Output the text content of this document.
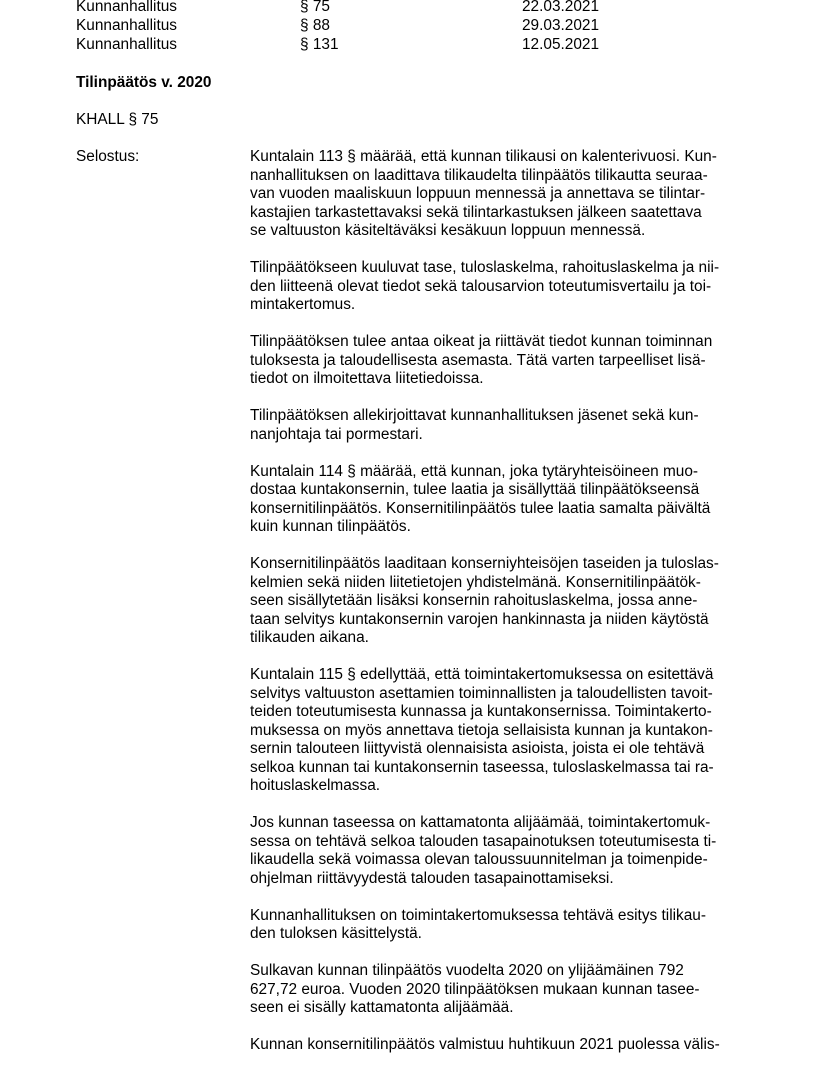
Kunnanhallitus	§ 75	22.03.2021
Kunnanhallitus	§ 88	29.03.2021
Kunnanhallitus	§ 131	12.05.2021
Tilinpäätös v. 2020
KHALL § 75
Selostus:	Kuntalain 113 § määrää, että kunnan tilikausi on kalenterivuosi. Kun-
nanhallituksen on laadittava tilikaudelta tilinpäätös tilikautta seuraa-
van vuoden maaliskuun loppuun mennessä ja annettava se tilintar-
kastajien tarkastettavaksi sekä tilintarkastuksen jälkeen saatettava
se valtuuston käsiteltäväksi kesäkuun loppuun mennessä.
Tilinpäätökseen kuuluvat tase, tuloslaskelma, rahoituslaskelma ja nii-
den liitteenä olevat tiedot sekä talousarvion toteutumisvertailu ja toi-
mintakertomus.
Tilinpäätöksen tulee antaa oikeat ja riittävät tiedot kunnan toiminnan
tuloksesta ja taloudellisesta asemasta. Tätä varten tarpeelliset lisä-
tiedot on ilmoitettava liitetiedoissa.
Tilinpäätöksen allekirjoittavat kunnanhallituksen jäsenet sekä kun-
nanjohtaja tai pormestari.
Kuntalain 114 § määrää, että kunnan, joka tytäryhteisöineen muo-
dostaa kuntakonsernin, tulee laatia ja sisällyttää tilinpäätökseensä
konsernitilinpäätös. Konsernitilinpäätös tulee laatia samalta päivältä
kuin kunnan tilinpäätös.
Konsernitilinpäätös laaditaan konserniyhteisöjen taseiden ja tuloslas-
kelmien sekä niiden liitetietojen yhdistelmänä. Konsernitilinpäätök-
seen sisällytetään lisäksi konsernin rahoituslaskelma, jossa anne-
taan selvitys kuntakonsernin varojen hankinnasta ja niiden käytöstä
tilikauden aikana.
Kuntalain 115 § edellyttää, että toimintakertomuksessa on esitettävä
selvitys valtuuston asettamien toiminnallisten ja taloudellisten tavoit-
teiden toteutumisesta kunnassa ja kuntakonsernissa. Toimintakerto-
muksessa on myös annettava tietoja sellaisista kunnan ja kuntakon-
sernin talouteen liittyvistä olennaisista asioista, joista ei ole tehtävä
selkoa kunnan tai kuntakonsernin taseessa, tuloslaskelmassa tai ra-
hoituslaskelmassa.
Jos kunnan taseessa on kattamatonta alijäämää, toimintakertomuk-
sessa on tehtävä selkoa talouden tasapainotuksen toteutumisesta ti-
likaudella sekä voimassa olevan taloussuunnitelman ja toimenpide-
ohjelman riittävyydestä talouden tasapainottamiseksi.
Kunnanhallituksen on toimintakertomuksessa tehtävä esitys tilikau-
den tuloksen käsittelystä.
Sulkavan kunnan tilinpäätös vuodelta 2020 on ylijäämäinen 792
627,72 euroa. Vuoden 2020 tilinpäätöksen mukaan kunnan tasee-
seen ei sisälly kattamatonta alijäämää.
Kunnan konsernitilinpäätös valmistuu huhtikuun 2021 puolessa välis-
